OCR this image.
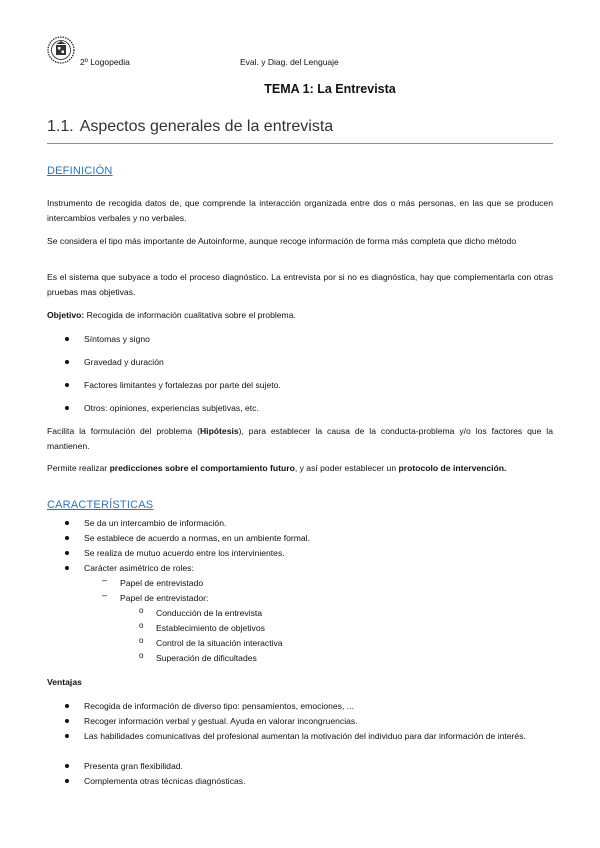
2º Logopedia	Eval. y Diag. del Lenguaje
TEMA 1: La Entrevista
1.1. Aspectos generales de la entrevista
DEFINICIÓN
Instrumento de recogida datos de, que comprende la interacción organizada entre dos o más personas, en las que se producen intercambios verbales y no verbales.
Se considera el tipo más importante de Autoinforme, aunque recoge información de forma más completa que dicho método
Es el sistema que subyace a todo el proceso diagnóstico. La entrevista por si no es diagnóstica, hay que complementarla con otras pruebas mas objetivas.
Objetivo: Recogida de información cualitativa sobre el problema.
Síntomas y signo
Gravedad y duración
Factores limitantes y fortalezas por parte del sujeto.
Otros: opiniones, experiencias subjetivas, etc.
Facilita la formulación del problema (Hipótesis), para establecer la causa de la conducta-problema y/o los factores que la mantienen.
Permite realizar predicciones sobre el comportamiento futuro, y así poder establecer un protocolo de intervención.
CARACTERÍSTICAS
Se da un intercambio de información.
Se establece de acuerdo a normas, en un ambiente formal.
Se realiza de mutuo acuerdo entre los intervinientes.
Carácter asimétrico de roles:
– Papel de entrevistado
– Papel de entrevistador:
o Conducción de la entrevista
o Establecimiento de objetivos
o Control de la situación interactiva
o Superación de dificultades
Ventajas
Recogida de información de diverso tipo: pensamientos, emociones, ...
Recoger información verbal y gestual. Ayuda en valorar incongruencias.
Las habilidades comunicativas del profesional aumentan la motivación del individuo para dar información de interés.
Presenta gran flexibilidad.
Complementa otras técnicas diagnósticas.
